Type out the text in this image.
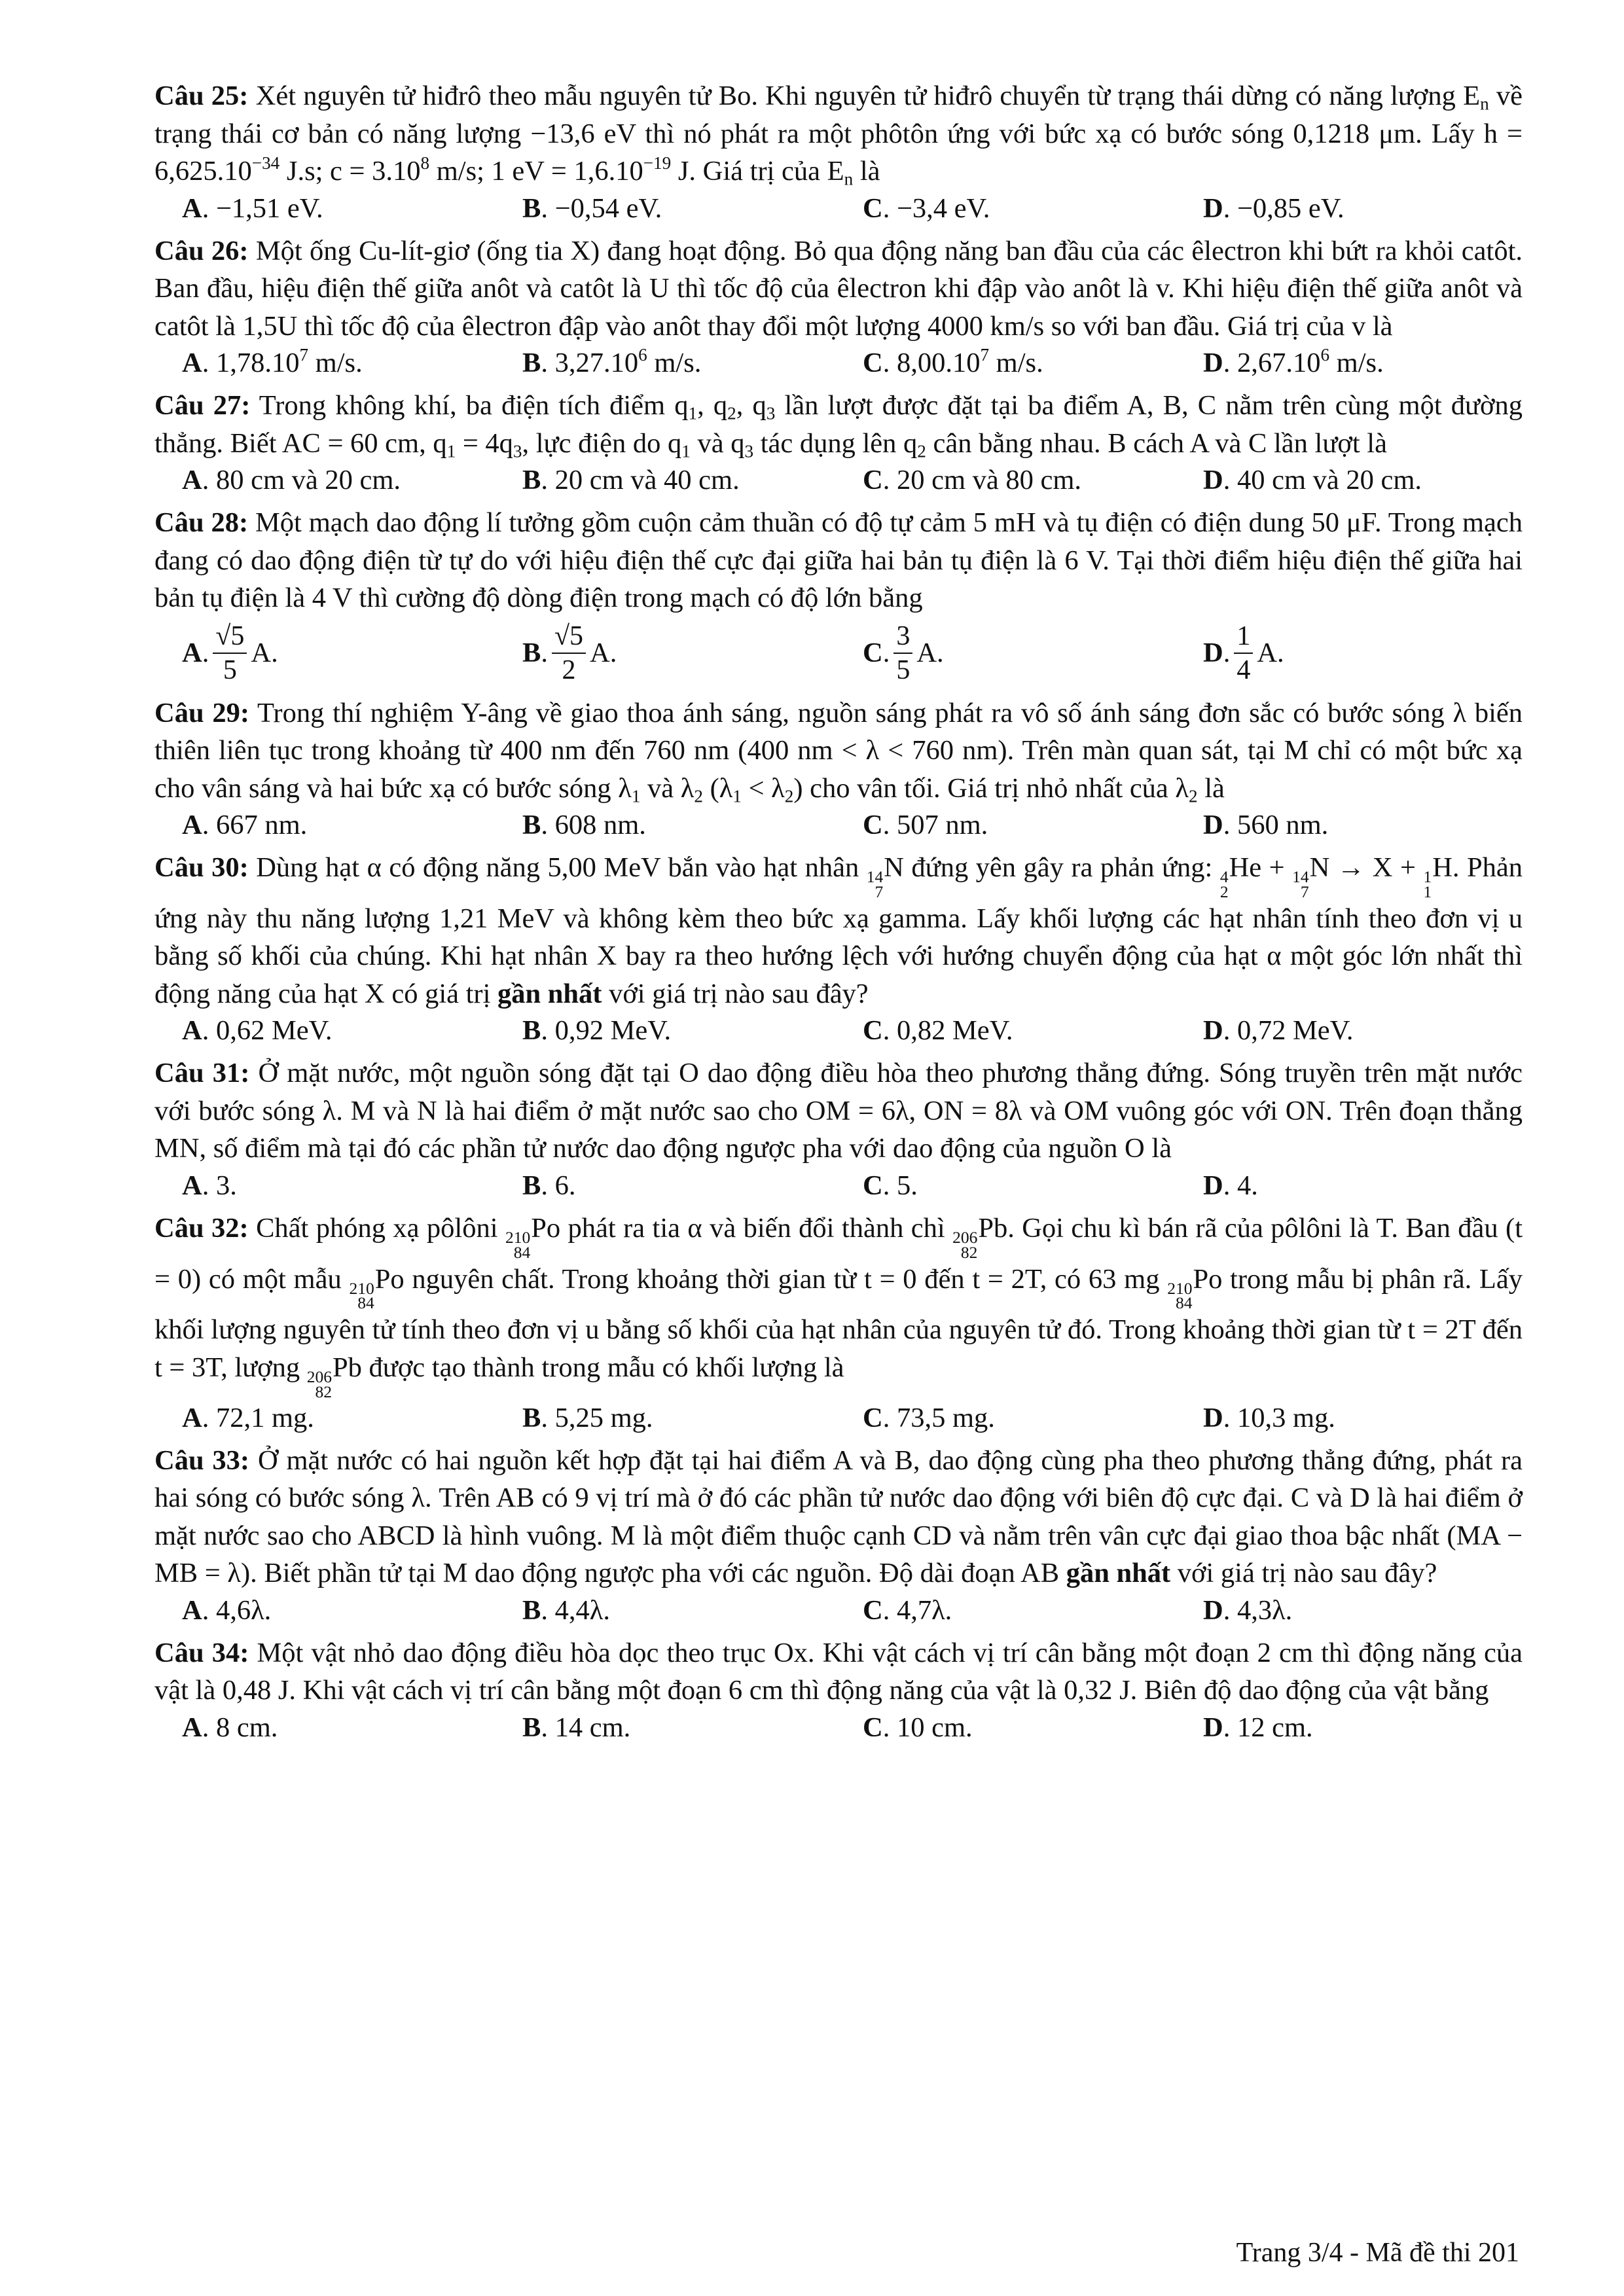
Câu 25: Xét nguyên tử hiđrô theo mẫu nguyên tử Bo. Khi nguyên tử hiđrô chuyển từ trạng thái dừng có năng lượng $E_n$ về trạng thái cơ bản có năng lượng −13,6 eV thì nó phát ra một phôtôn ứng với bức xạ có bước sóng 0,1218 μm. Lấy $h = 6,625.10^{-34}$ J.s; $c = 3.10^8$ m/s; 1 eV = $1,6.10^{-19}$ J. Giá trị của $E_n$ là
A. −1,51 eV.	B. −0,54 eV.	C. −3,4 eV.	D. −0,85 eV.
Câu 26: Một ống Cu-lít-giơ (ống tia X) đang hoạt động. Bỏ qua động năng ban đầu của các êlectron khi bứt ra khỏi catôt. Ban đầu, hiệu điện thế giữa anôt và catôt là U thì tốc độ của êlectron khi đập vào anôt là v. Khi hiệu điện thế giữa anôt và catôt là 1,5U thì tốc độ của êlectron đập vào anôt thay đổi một lượng 4000 km/s so với ban đầu. Giá trị của v là
A. 1,78.10$^7$ m/s.	B. 3,27.10$^6$ m/s.	C. 8,00.10$^7$ m/s.	D. 2,67.10$^6$ m/s.
Câu 27: Trong không khí, ba điện tích điểm $q_1$, $q_2$, $q_3$ lần lượt được đặt tại ba điểm A, B, C nằm trên cùng một đường thẳng. Biết AC = 60 cm, $q_1 = 4q_3$, lực điện do $q_1$ và $q_3$ tác dụng lên $q_2$ cân bằng nhau. B cách A và C lần lượt là
A. 80 cm và 20 cm.	B. 20 cm và 40 cm.	C. 20 cm và 80 cm.	D. 40 cm và 20 cm.
Câu 28: Một mạch dao động lí tưởng gồm cuộn cảm thuần có độ tự cảm 5 mH và tụ điện có điện dung 50 μF. Trong mạch đang có dao động điện từ tự do với hiệu điện thế cực đại giữa hai bản tụ điện là 6 V. Tại thời điểm hiệu điện thế giữa hai bản tụ điện là 4 V thì cường độ dòng điện trong mạch có độ lớn bằng
A . $\frac{√5}{5} A$.	B . $\frac{√5}{2} A$.	C . $\frac{3}{5} A$.	D . $\frac{1}{4} A$.
Câu 29: Trong thí nghiệm Y-âng về giao thoa ánh sáng, nguồn sáng phát ra vô số ánh sáng đơn sắc có bước sóng λ biến thiên liên tục trong khoảng từ 400 nm đến 760 nm (400 nm < λ < 760 nm). Trên màn quan sát, tại M chỉ có một bức xạ cho vân sáng và hai bức xạ có bước sóng $\lambda_1$ và $\lambda_2$ $(\lambda_1 < \lambda_2)$ cho vân tối. Giá trị nhỏ nhất của $\lambda_2$ là
A. 667 nm.	B. 608 nm.	C. 507 nm.	D. 560 nm.
Câu 30: Dùng hạt α có động năng 5,00 MeV bắn vào hạt nhân 14
7
N đứng yên gây ra phản ứng: 4
2
He + 14
7
N → X + 1
1
H. Phản ứng này thu năng lượng 1,21 MeV và không kèm theo bức xạ gamma. Lấy khối lượng các hạt nhân tính theo đơn vị u bằng số khối của chúng. Khi hạt nhân X bay ra theo hướng lệch với hướng chuyển động của hạt α một góc lớn nhất thì động năng của hạt X có giá trị gần nhất với giá trị nào sau đây?
A. 0,62 MeV.	B. 0,92 MeV.	C. 0,82 MeV.	D. 0,72 MeV.
Câu 31: Ở mặt nước, một nguồn sóng đặt tại O dao động điều hòa theo phương thẳng đứng. Sóng truyền trên mặt nước với bước sóng λ. M và N là hai điểm ở mặt nước sao cho OM = 6λ, ON = 8λ và OM vuông góc với ON. Trên đoạn thẳng MN, số điểm mà tại đó các phần tử nước dao động ngược pha với dao động của nguồn O là
A. 3.	B. 6.	C. 5.	D. 4.
Câu 32: Chất phóng xạ pôlôni 210
84
Po phát ra tia α và biến đổi thành chì 206
82
Pb. Gọi chu kì bán rã của pôlôni là T. Ban đầu (t = 0) có một mẫu 210
84
Po nguyên chất. Trong khoảng thời gian từ t = 0 đến t = 2T, có 63 mg 210
84
Po trong mẫu bị phân rã. Lấy khối lượng nguyên tử tính theo đơn vị u bằng số khối của hạt nhân của nguyên tử đó. Trong khoảng thời gian từ t = 2T đến t = 3T, lượng 206
82
Pb được tạo thành trong mẫu có khối lượng là
A. 72,1 mg.	B. 5,25 mg.	C. 73,5 mg.	D. 10,3 mg.
Câu 33: Ở mặt nước có hai nguồn kết hợp đặt tại hai điểm A và B, dao động cùng pha theo phương thẳng đứng, phát ra hai sóng có bước sóng λ. Trên AB có 9 vị trí mà ở đó các phần tử nước dao động với biên độ cực đại. C và D là hai điểm ở mặt nước sao cho ABCD là hình vuông. M là một điểm thuộc cạnh CD và nằm trên vân cực đại giao thoa bậc nhất (MA − MB = λ). Biết phần tử tại M dao động ngược pha với các nguồn. Độ dài đoạn AB gần nhất với giá trị nào sau đây?
A. 4,6λ.	B. 4,4λ.	C. 4,7λ.	D. 4,3λ.
Câu 34: Một vật nhỏ dao động điều hòa dọc theo trục Ox. Khi vật cách vị trí cân bằng một đoạn 2 cm thì động năng của vật là 0,48 J. Khi vật cách vị trí cân bằng một đoạn 6 cm thì động năng của vật là 0,32 J. Biên độ dao động của vật bằng
A. 8 cm.	B. 14 cm.	C. 10 cm.	D. 12 cm.
Trang 3/4 - Mã đề thi 201
